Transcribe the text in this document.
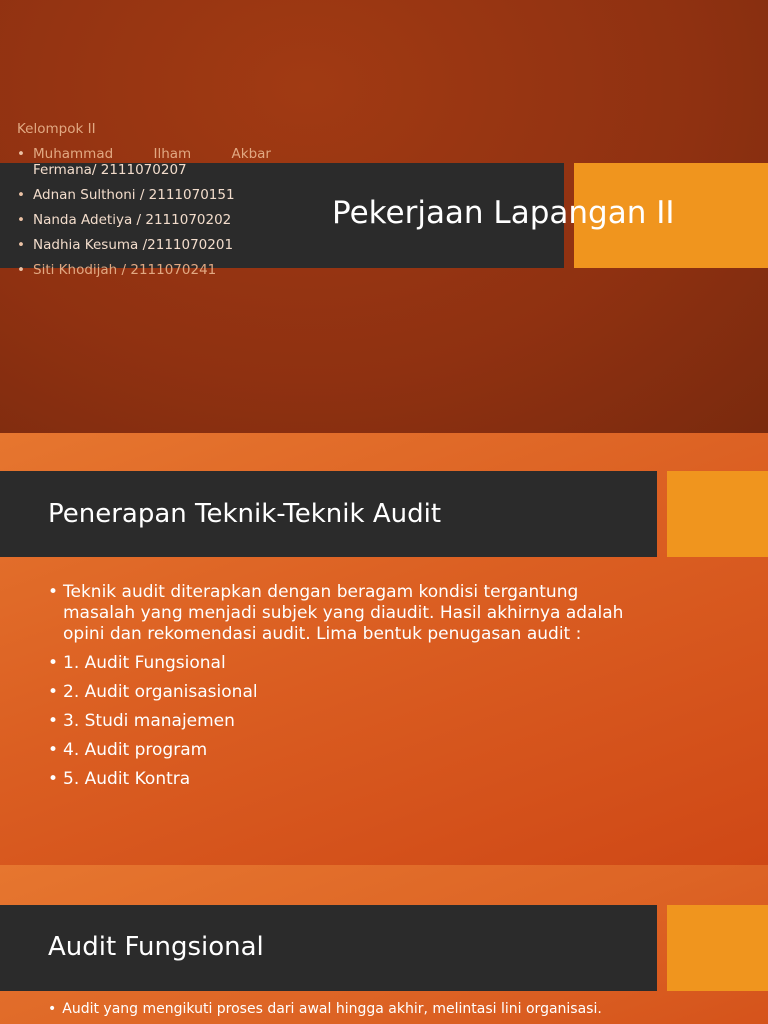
Pekerjaan Lapangan II
Kelompok II
• Muhammad	Ilham	Akbar
Fermana/ 2111070207
• Adnan Sulthoni / 2111070151
• Nanda Adetiya / 2111070202
• Nadhia Kesuma /2111070201
• Siti Khodijah / 2111070241
Penerapan Teknik-Teknik Audit
• Teknik audit diterapkan dengan beragam kondisi tergantung masalah yang menjadi subjek yang diaudit. Hasil akhirnya adalah opini dan rekomendasi audit. Lima bentuk penugasan audit :
• 1. Audit Fungsional
• 2. Audit organisasional
• 3. Studi manajemen
• 4. Audit program
• 5. Audit Kontra
Audit Fungsional
• Audit yang mengikuti proses dari awal hingga akhir, melintasi lini organisasi.
